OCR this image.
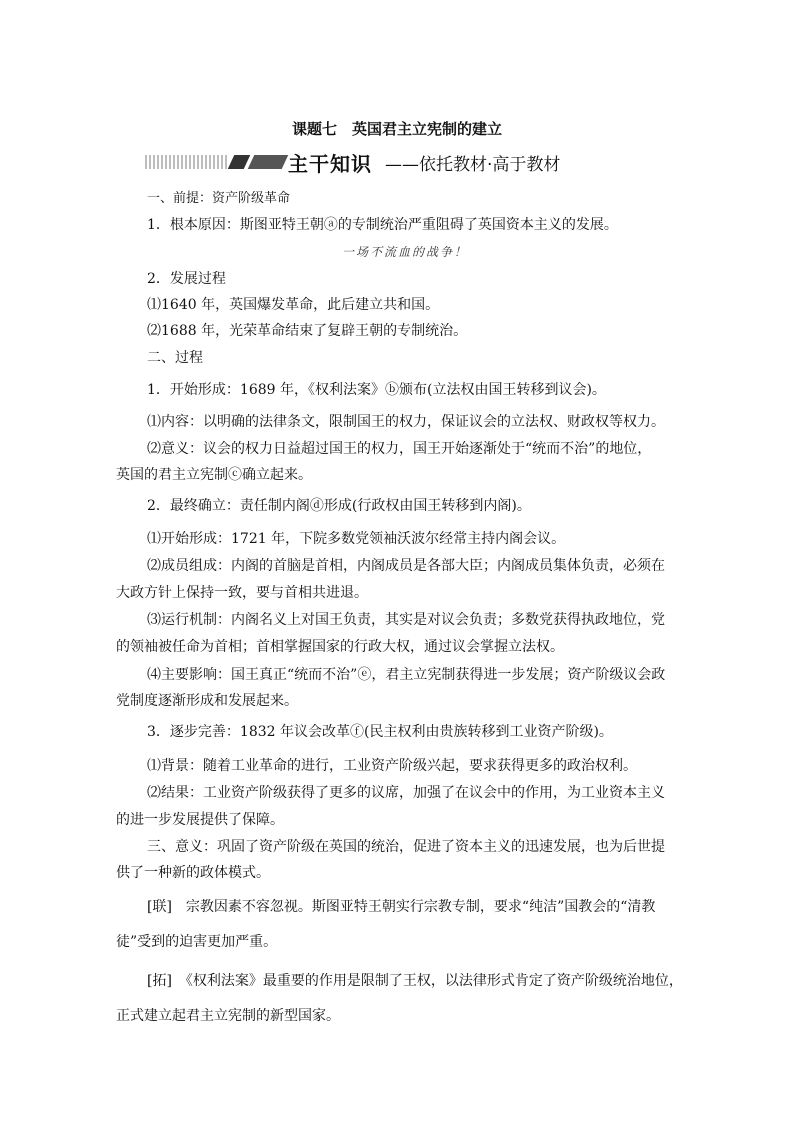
课题七　英国君主立宪制的建立
主干知识 ——依托教材·高于教材
一、前提：资产阶级革命
1．根本原因：斯图亚特王朝ⓐ的专制统治严重阻碍了英国资本主义的发展。
一场不流血的战争！
2．发展过程
⑴1640 年，英国爆发革命，此后建立共和国。
⑵1688 年，光荣革命结束了复辟王朝的专制统治。
二、过程
1．开始形成：1689 年，《权利法案》ⓑ颁布(立法权由国王转移到议会)。
⑴内容：以明确的法律条文，限制国王的权力，保证议会的立法权、财政权等权力。
⑵意义：议会的权力日益超过国王的权力，国王开始逐渐处于“统而不治”的地位，
英国的君主立宪制ⓒ确立起来。
2．最终确立：责任制内阁ⓓ形成(行政权由国王转移到内阁)。
⑴开始形成：1721 年，下院多数党领袖沃波尔经常主持内阁会议。
⑵成员组成：内阁的首脑是首相，内阁成员是各部大臣；内阁成员集体负责，必须在
大政方针上保持一致，要与首相共进退。
⑶运行机制：内阁名义上对国王负责，其实是对议会负责；多数党获得执政地位，党
的领袖被任命为首相；首相掌握国家的行政大权，通过议会掌握立法权。
⑷主要影响：国王真正“统而不治”ⓔ，君主立宪制获得进一步发展；资产阶级议会政
党制度逐渐形成和发展起来。
3．逐步完善：1832 年议会改革ⓕ(民主权利由贵族转移到工业资产阶级)。
⑴背景：随着工业革命的进行，工业资产阶级兴起，要求获得更多的政治权利。
⑵结果：工业资产阶级获得了更多的议席，加强了在议会中的作用，为工业资本主义
的进一步发展提供了保障。
三、意义：巩固了资产阶级在英国的统治，促进了资本主义的迅速发展，也为后世提
供了一种新的政体模式。
[联]　宗教因素不容忽视。斯图亚特王朝实行宗教专制，要求“纯洁”国教会的“清教
徒”受到的迫害更加严重。
[拓]　《权利法案》最重要的作用是限制了王权，以法律形式肯定了资产阶级统治地位，
正式建立起君主立宪制的新型国家。
